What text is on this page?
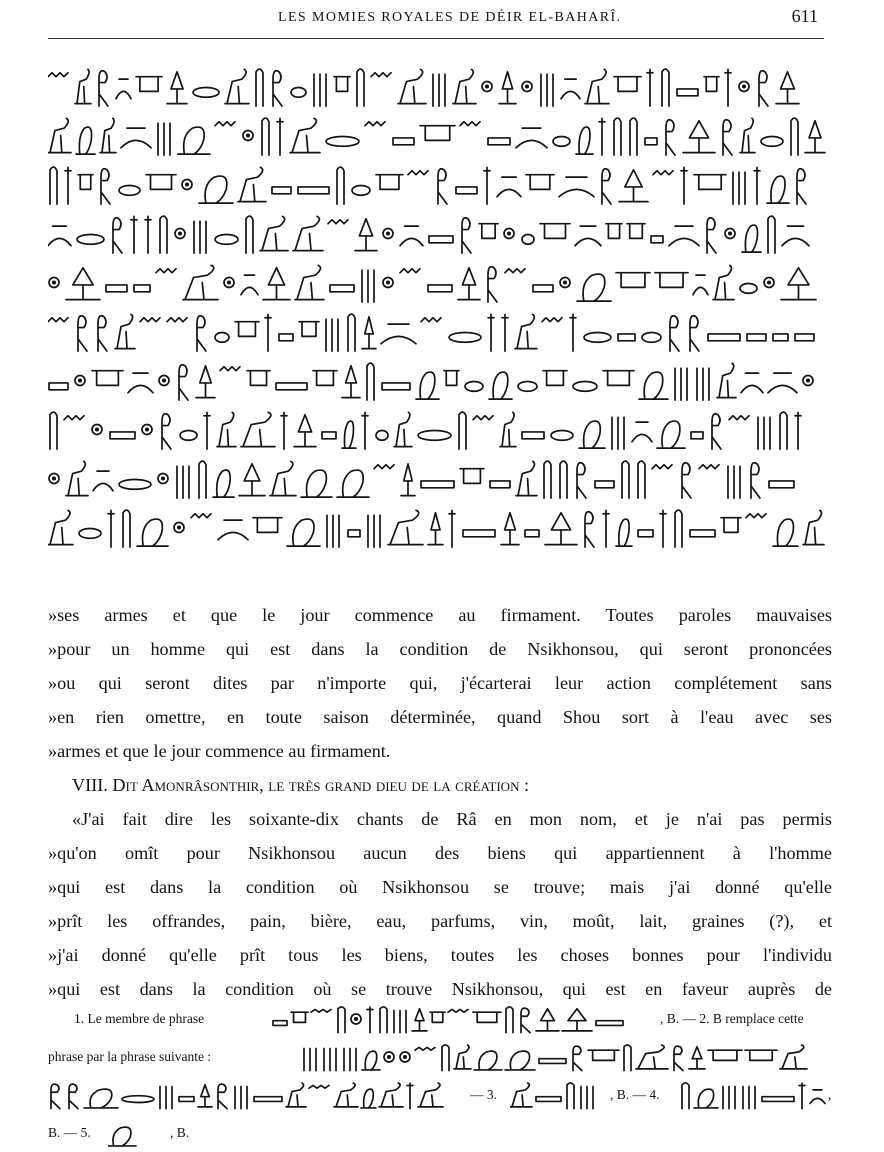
LES MOMIES ROYALES DE DÉIR EL-BAHARÎ.	611

»ses armes et que le jour commence au firmament. Toutes paroles mauvaises

»pour un homme qui est dans la condition de Nsikhonsou, qui seront prononcées

»ou qui seront dites par n'importe qui, j'écarterai leur action complétement sans

»en rien omettre, en toute saison déterminée, quand Shou sort à l'eau avec ses

»armes et que le jour commence au firmament.

VIII. Dit Amonrâsonthir, le très grand dieu de la création :

«J'ai fait dire les soixante-dix chants de Râ en mon nom, et je n'ai pas permis

»qu'on omît pour Nsikhonsou aucun des biens qui appartiennent à l'homme

»qui est dans la condition où Nsikhonsou se trouve; mais j'ai donné qu'elle

»prît les offrandes, pain, bière, eau, parfums, vin, moût, lait, graines (?), et

»j'ai donné qu'elle prît tous les biens, toutes les choses bonnes pour l'individu

»qui est dans la condition où se trouve Nsikhonsou, qui est en faveur auprès de

1. Le membre de phrase	, B. — 2. B remplace cette
phrase par la phrase suivante :
— 3.	, B. — 4.	,
B. — 5.	, B.
